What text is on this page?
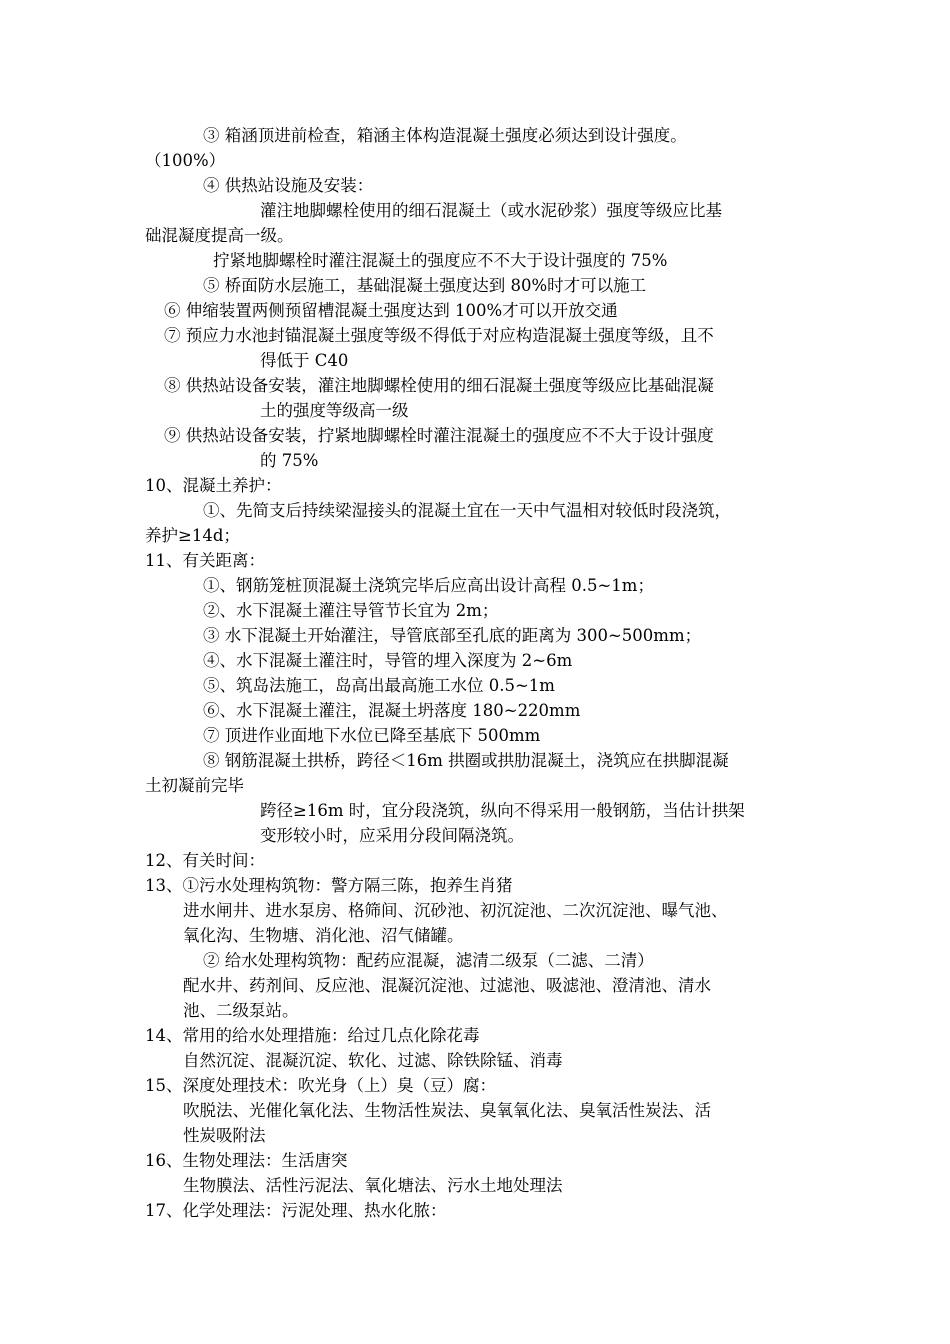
③ 箱涵顶进前检查，箱涵主体构造混凝土强度必须达到设计强度。
（100%）
④ 供热站设施及安装：
灌注地脚螺栓使用的细石混凝土（或水泥砂浆）强度等级应比基
础混凝度提高一级。
拧紧地脚螺栓时灌注混凝土的强度应不不大于设计强度的 75%
⑤ 桥面防水层施工，基础混凝土强度达到 80%时才可以施工
⑥ 伸缩装置两侧预留槽混凝土强度达到 100%才可以开放交通
⑦ 预应力水池封锚混凝土强度等级不得低于对应构造混凝土强度等级，且不
得低于 C40
⑧ 供热站设备安装，灌注地脚螺栓使用的细石混凝土强度等级应比基础混凝
土的强度等级高一级
⑨ 供热站设备安装，拧紧地脚螺栓时灌注混凝土的强度应不不大于设计强度
的 75%
10、混凝土养护：
①、先简支后持续梁湿接头的混凝土宜在一天中气温相对较低时段浇筑，
养护≥14d；
11、有关距离：
①、钢筋笼桩顶混凝土浇筑完毕后应高出设计高程 0.5~1m；
②、水下混凝土灌注导管节长宜为 2m；
③ 水下混凝土开始灌注，导管底部至孔底的距离为 300~500mm；
④、水下混凝土灌注时，导管的埋入深度为 2~6m
⑤、筑岛法施工，岛高出最高施工水位 0.5~1m
⑥、水下混凝土灌注，混凝土坍落度 180~220mm
⑦ 顶进作业面地下水位已降至基底下 500mm
⑧ 钢筋混凝土拱桥，跨径＜16m 拱圈或拱肋混凝土，浇筑应在拱脚混凝
土初凝前完毕
跨径≥16m 时，宜分段浇筑，纵向不得采用一般钢筋，当估计拱架
变形较小时，应采用分段间隔浇筑。
12、有关时间：
13、①污水处理构筑物：警方隔三陈，抱养生肖猪
进水闸井、进水泵房、格筛间、沉砂池、初沉淀池、二次沉淀池、曝气池、
氧化沟、生物塘、消化池、沼气储罐。
② 给水处理构筑物：配药应混凝，滤清二级泵（二滤、二清）
配水井、药剂间、反应池、混凝沉淀池、过滤池、吸滤池、澄清池、清水
池、二级泵站。
14、常用的给水处理措施：给过几点化除花毒
自然沉淀、混凝沉淀、软化、过滤、除铁除锰、消毒
15、深度处理技术：吹光身（上）臭（豆）腐：
吹脱法、光催化氧化法、生物活性炭法、臭氧氧化法、臭氧活性炭法、活
性炭吸附法
16、生物处理法：生活唐突
生物膜法、活性污泥法、氧化塘法、污水土地处理法
17、化学处理法：污泥处理、热水化脓：
